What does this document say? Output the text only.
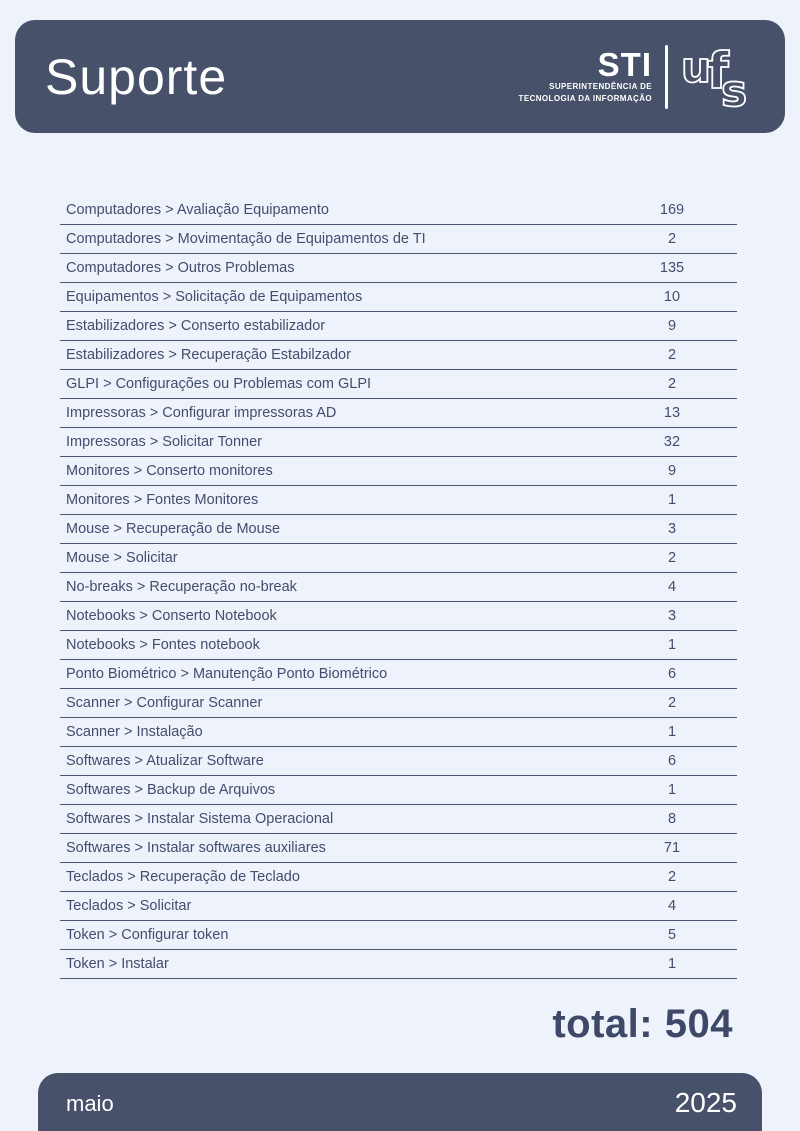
Suporte	STI
SUPERINTENDÊNCIA DE
TECNOLOGIA DA INFORMAÇÃO
u
f
s
Computadores > Avaliação Equipamento	169
Computadores > Movimentação de Equipamentos de TI	2
Computadores > Outros Problemas	135
Equipamentos > Solicitação de Equipamentos	10
Estabilizadores > Conserto estabilizador	9
Estabilizadores > Recuperação Estabilzador	2
GLPI > Configurações ou Problemas com GLPI	2
Impressoras > Configurar impressoras AD	13
Impressoras > Solicitar Tonner	32
Monitores > Conserto monitores	9
Monitores > Fontes Monitores	1
Mouse > Recuperação de Mouse	3
Mouse > Solicitar	2
No-breaks > Recuperação no-break	4
Notebooks > Conserto Notebook	3
Notebooks > Fontes notebook	1
Ponto Biométrico > Manutenção Ponto Biométrico	6
Scanner > Configurar Scanner	2
Scanner > Instalação	1
Softwares > Atualizar Software	6
Softwares > Backup de Arquivos	1
Softwares > Instalar Sistema Operacional	8
Softwares > Instalar softwares auxiliares	71
Teclados > Recuperação de Teclado	2
Teclados > Solicitar	4
Token > Configurar token	5
Token > Instalar	1
total: 504
maio	2025
